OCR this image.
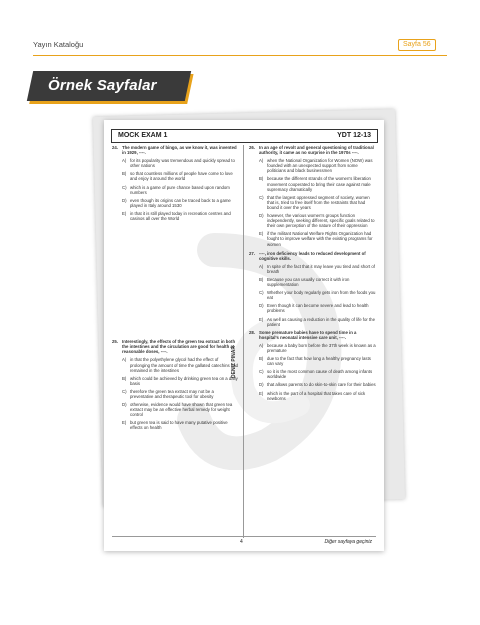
Yayın Kataloğu	Sayfa 56
Örnek Sayfalar
MOCK EXAM 1	YDT 12-13
DENIZ PINAR
24. The modern game of bingo, as we know it, was invented in 1929, ----.
A) for its popularity was tremendous and quickly spread to other nations
B) so that countless millions of people have come to love and enjoy it around the world
C) which is a game of pure chance based upon random numbers
D) even though its origins can be traced back to a game played in Italy around 1530
E) in that it is still played today in recreation centres and casinos all over the World
25. Interestingly, the effects of the green tea extract in both the intestines and the circulation are good for health at reasonable doses, ----.
A) in that the polyethylene glycol had the effect of prolonging the amount of time the gallated catechins had remained in the intestines
B) which could be achieved by drinking green tea on a daily basis
C) therefore the green tea extract may not be a preventative and therapeutic tool for obesity
D) otherwise, evidence would have shown that green tea extract may be an effective herbal remedy for weight control
E) but green tea is said to have many putative positive effects on health
26. In an age of revolt and general questioning of traditional authority, it came as no surprise in the 1970s ----.
A) when the National Organization for Women (NOW) was founded with an unexpected support from some politicians and black businessmen
B) because the different strands of the women's liberation movement cooperated to bring their case against male supremacy dramatically
C) that the largest oppressed segment of society, women that is, tried to free itself from the restraints that had bound it over the years
D) however, the various women's groups function independently, seeking different, specific goals related to their own perception of the nature of their oppression
E) if the militant National Welfare Rights Organization had fought to improve welfare with the existing programs for women
27. ----, iron deficiency leads to reduced development of cognitive skills.
A) In spite of the fact that it may leave you tired and short of breath
B) Because you can usually correct it with iron supplementation
C) Whether your body regularly gets iron from the foods you eat
D) Even though it can become severe and lead to health problems
E) As well as causing a reduction in the quality of life for the patient
28. Some premature babies have to spend time in a hospital's neonatal intensive care unit, ----.
A) because a baby born before the 37th week is known as a premature
B) due to the fact that how long a healthy pregnancy lasts can vary
C) so it is the most common cause of death among infants worldwide
D) that allows parents to do skin-to-skin care for their babies
E) which is the part of a hospital that takes care of sick newborns
4	Diğer sayfaya geçiniz
